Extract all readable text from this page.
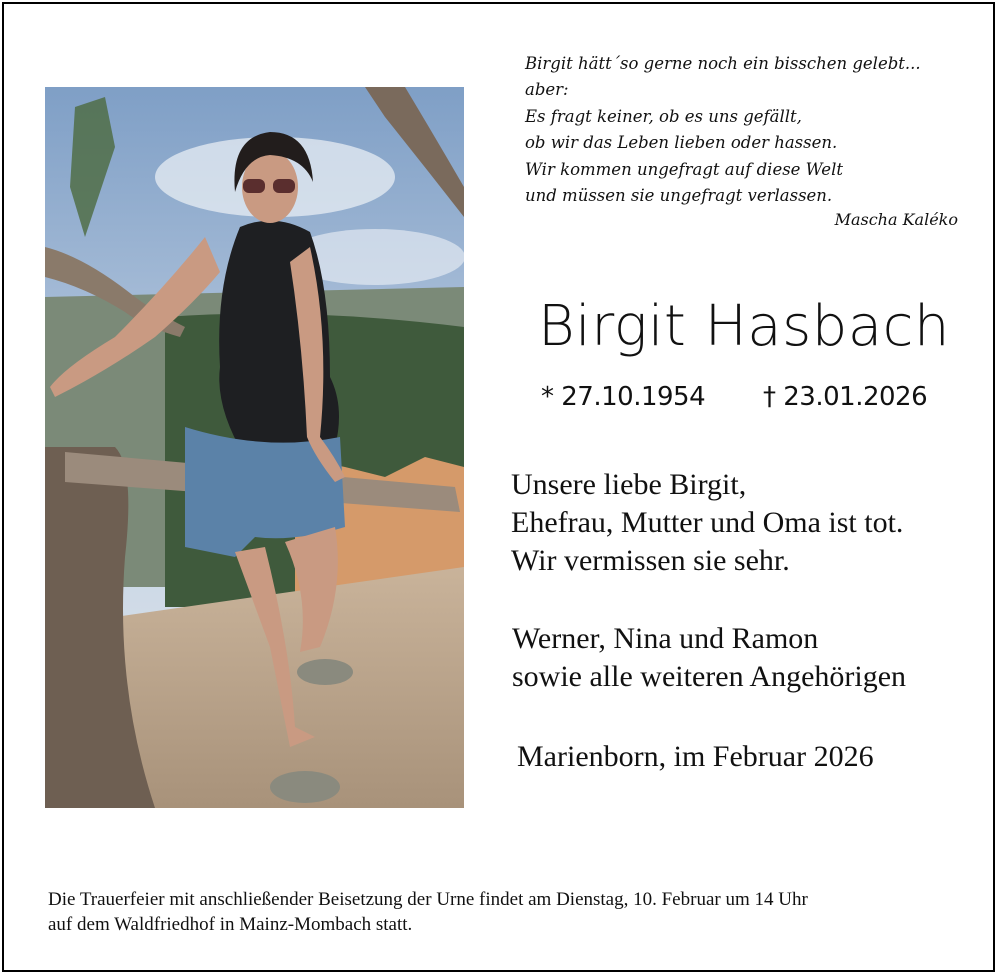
Birgit hätt´so gerne noch ein bisschen gelebt...
aber:
Es fragt keiner, ob es uns gefällt,
ob wir das Leben lieben oder hassen.
Wir kommen ungefragt auf diese Welt
und müssen sie ungefragt verlassen.
Mascha Kaléko
Birgit Hasbach
* 27.10.1954 † 23.01.2026
Unsere liebe Birgit,
Ehefrau, Mutter und Oma ist tot.
Wir vermissen sie sehr.
Werner, Nina und Ramon
sowie alle weiteren Angehörigen
Marienborn, im Februar 2026
Die Trauerfeier mit anschließender Beisetzung der Urne findet am Dienstag, 10. Februar um 14 Uhr
auf dem Waldfriedhof in Mainz-Mombach statt.
